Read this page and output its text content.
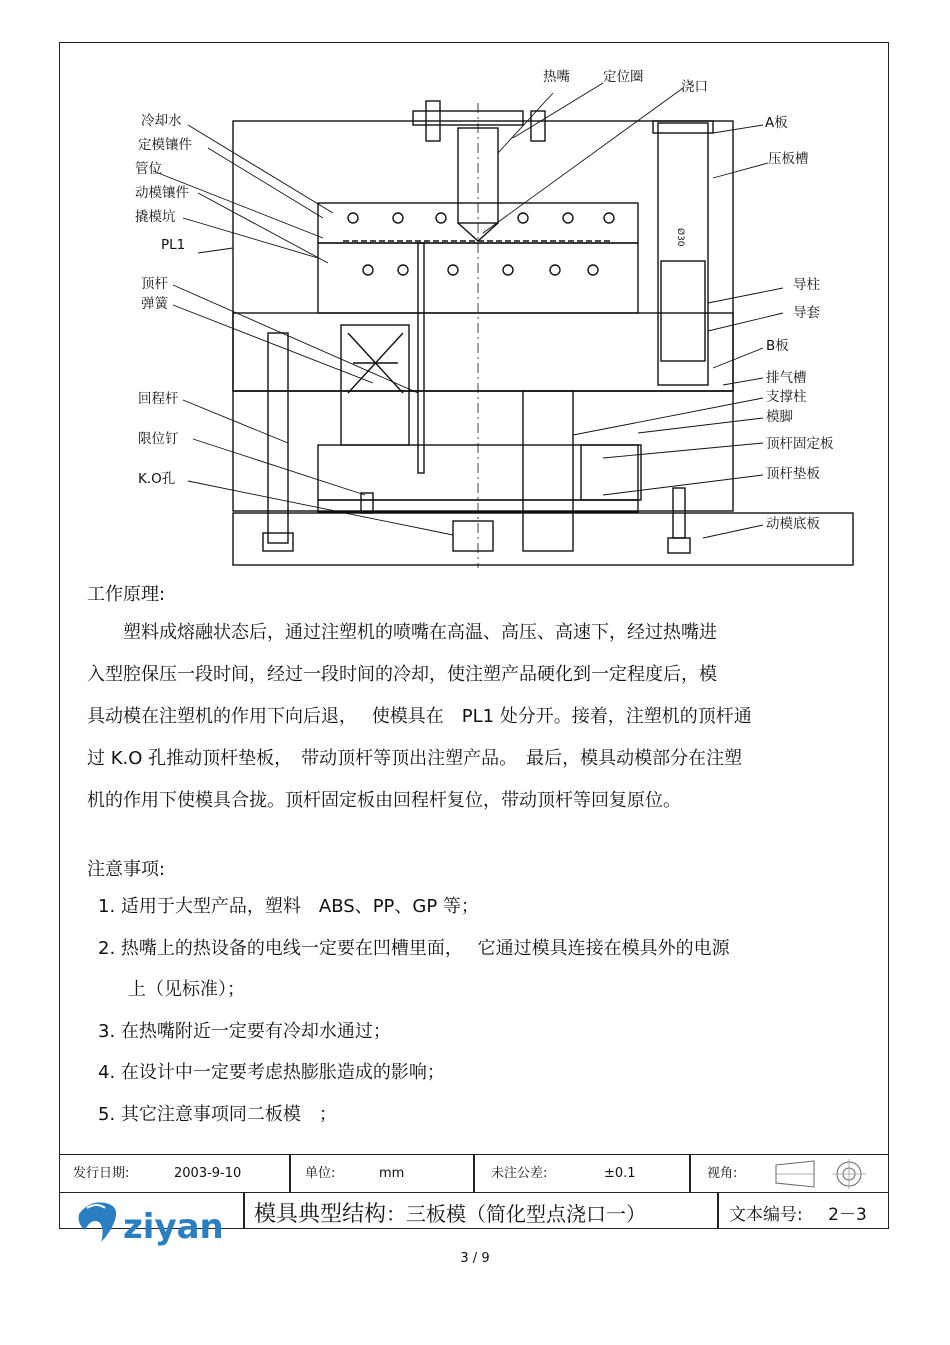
冷却水
定模镶件
管位
动模镶件
撬模坑
PL1
顶杆
弹簧
回程杆
限位钉
K.O孔
热嘴 定位圈
浇口
A板
压板槽
导柱
导套
B板
排气槽
支撑柱
模脚
顶杆固定板
顶杆垫板
动模底板
Ø30
工作原理:
塑料成熔融状态后，通过注塑机的喷嘴在高温、高压、高速下，经过热嘴进
入型腔保压一段时间，经过一段时间的冷却，使注塑产品硬化到一定程度后，模
具动模在注塑机的作用下向后退，　 使模具在　PL1 处分开。接着，注塑机的顶杆通
过 K.O 孔推动顶杆垫板，　带动顶杆等顶出注塑产品。　最后，模具动模部分在注塑
机的作用下使模具合拢。顶杆固定板由回程杆复位，带动顶杆等回复原位。
注意事项:
1. 适用于大型产品，塑料　ABS、PP、GP 等；
2. 热嘴上的热设备的电线一定要在凹槽里面，　 它通过模具连接在模具外的电源
上（见标准）；
3. 在热嘴附近一定要有冷却水通过；
4. 在设计中一定要考虑热膨胀造成的影响；
5. 其它注意事项同二板模　；
发行日期:	2003-9-10	单位:	mm	未注公差:	±0.1	视角:
ziyan 模具典型结构：三板模（简化型点浇口一）	文本编号: 2－3
3 / 9
